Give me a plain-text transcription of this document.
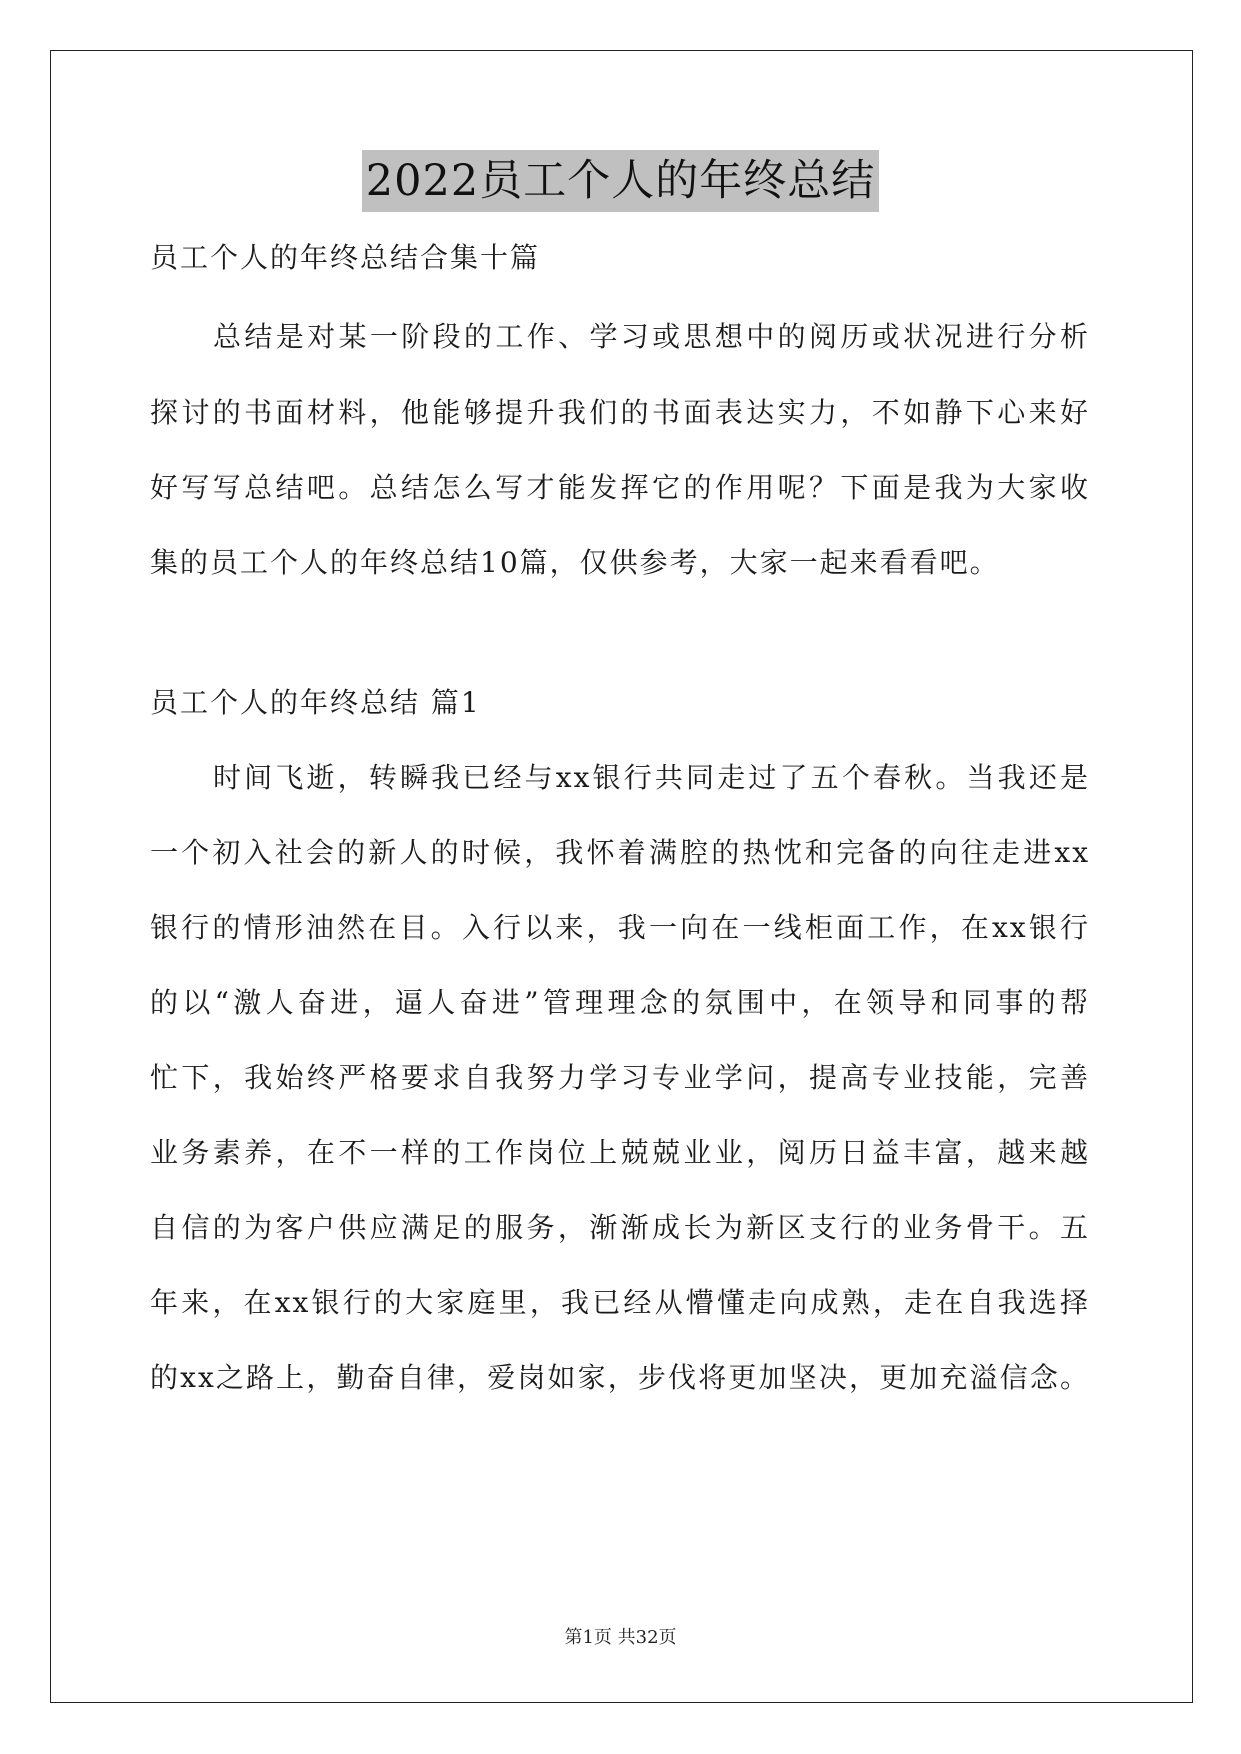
2022员工个人的年终总结
员工个人的年终总结合集十篇
总结是对某一阶段的工作、学习或思想中的阅历或状况进行分析
探讨的书面材料，他能够提升我们的书面表达实力，不如静下心来好
好写写总结吧。总结怎么写才能发挥它的作用呢？下面是我为大家收
集的员工个人的年终总结10篇，仅供参考，大家一起来看看吧。
员工个人的年终总结 篇1
时间飞逝，转瞬我已经与xx银行共同走过了五个春秋。当我还是
一个初入社会的新人的时候，我怀着满腔的热忱和完备的向往走进xx
银行的情形油然在目。入行以来，我一向在一线柜面工作，在xx银行
的以“激人奋进，逼人奋进”管理理念的氛围中，在领导和同事的帮
忙下，我始终严格要求自我努力学习专业学问，提高专业技能，完善
业务素养，在不一样的工作岗位上兢兢业业，阅历日益丰富，越来越
自信的为客户供应满足的服务，渐渐成长为新区支行的业务骨干。五
年来，在xx银行的大家庭里，我已经从懵懂走向成熟，走在自我选择
的xx之路上，勤奋自律，爱岗如家，步伐将更加坚决，更加充溢信念。
第1页 共32页
